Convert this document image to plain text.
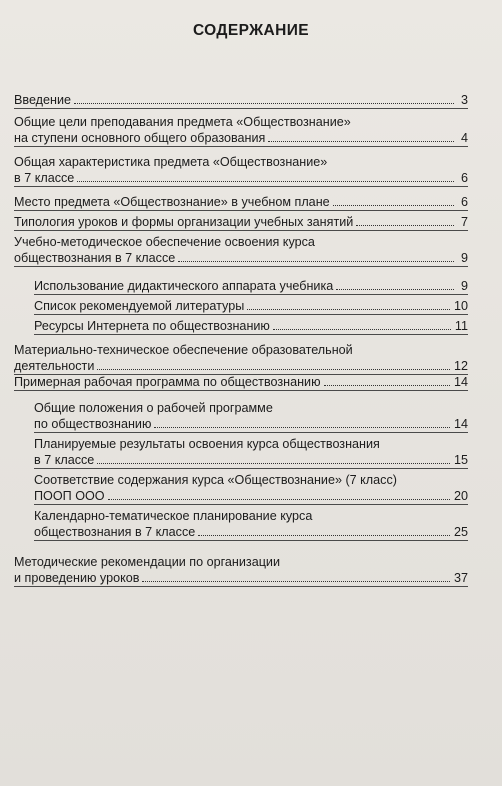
СОДЕРЖАНИЕ
Введение	3
Общие цели преподавания предмета «Обществознание»
на ступени основного общего образования	4
Общая характеристика предмета «Обществознание»
в 7 классе	6
Место предмета «Обществознание» в учебном плане	6
Типология уроков и формы организации учебных занятий	7
Учебно-методическое обеспечение освоения курса
обществознания в 7 классе	9
Использование дидактического аппарата учебника	9
Список рекомендуемой литературы	10
Ресурсы Интернета по обществознанию	11
Материально-техническое обеспечение образовательной
деятельности	12
Примерная рабочая программа по обществознанию	14
Общие положения о рабочей программе
по обществознанию	14
Планируемые результаты освоения курса обществознания
в 7 классе	15
Соответствие содержания курса «Обществознание» (7 класс)
ПООП ООО	20
Календарно-тематическое планирование курса
обществознания в 7 классе	25
Методические рекомендации по организации
и проведению уроков	37
